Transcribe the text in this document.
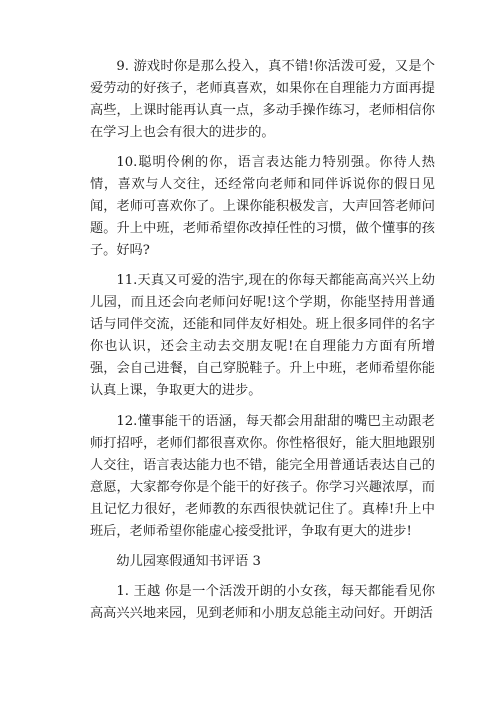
9. 游戏时你是那么投入，真不错!你活泼可爱，又是个爱劳动的好孩子，老师真喜欢，如果你在自理能力方面再提高些，上课时能再认真一点，多动手操作练习，老师相信你在学习上也会有很大的进步的。

10.聪明伶俐的你，语言表达能力特别强。你待人热情，喜欢与人交往，还经常向老师和同伴诉说你的假日见闻，老师可喜欢你了。上课你能积极发言，大声回答老师问题。升上中班，老师希望你改掉任性的习惯，做个懂事的孩子。好吗?

11.天真又可爱的浩宇,现在的你每天都能高高兴兴上幼儿园，而且还会向老师问好呢!这个学期，你能坚持用普通话与同伴交流，还能和同伴友好相处。班上很多同伴的名字你也认识，还会主动去交朋友呢!在自理能力方面有所增强，会自己进餐，自己穿脱鞋子。升上中班，老师希望你能认真上课，争取更大的进步。

12.懂事能干的语涵，每天都会用甜甜的嘴巴主动跟老师打招呼，老师们都很喜欢你。你性格很好，能大胆地跟别人交往，语言表达能力也不错，能完全用普通话表达自己的意愿，大家都夸你是个能干的好孩子。你学习兴趣浓厚，而且记忆力很好，老师教的东西很快就记住了。真棒!升上中班后，老师希望你能虚心接受批评，争取有更大的进步!

幼儿园寒假通知书评语 3

1. 王越 你是一个活泼开朗的小女孩，每天都能看见你高高兴兴地来园，见到老师和小朋友总能主动问好。开朗活
